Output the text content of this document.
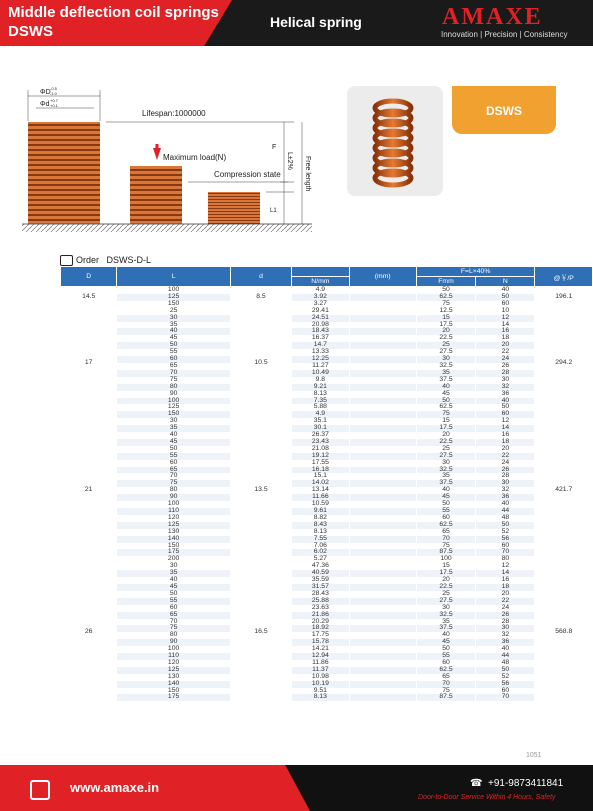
Middle deflection coil springs
DSWS
Helical spring	AMAXE
Innovation | Precision | Consistency
ΦD
-0.5
-1.0
Φd
+0.7
+0.1
Lifespan:1000000
Maximum load(N)
Compression state
F
L1
L±2% Free length
DSWS
Order DSWS-D-L
D	L	d		(mm)	F=L×40%		@￥/P	
			N/mm		Fmm	N		
14.5	100	8.5	4.9		50	40	196.1	
	125		3.92		62.5	50		
	150		3.27		75	60		
17	25	10.5	29.41		12.5	10	294.2	
	30		24.51		15	12		
	35		20.98		17.5	14		
	40		18.43		20	16		
	45		16.37		22.5	18		
	50		14.7		25	20		
	55		13.33		27.5	22		
	60		12.25		30	24		
	65		11.27		32.5	26		
	70		10.49		35	28		
	75		9.8		37.5	30		
	80		9.21		40	32		
	90		8.13		45	36		
	100		7.35		50	40		
	125		5.88		62.5	50		
	150		4.9		75	60		
21	30	13.5	35.1		15	12	421.7	
	35		30.1		17.5	14		
	40		26.37		20	16		
	45		23.43		22.5	18		
	50		21.08		25	20		
	55		19.12		27.5	22		
	60		17.55		30	24		
	65		16.18		32.5	26		
	70		15.1		35	28		
	75		14.02		37.5	30		
	80		13.14		40	32		
	90		11.66		45	36		
	100		10.59		50	40		
	110		9.61		55	44		
	120		8.82		60	48		
	125		8.43		62.5	50		
	130		8.13		65	52		
	140		7.55		70	56		
	150		7.06		75	60		
	175		6.02		87.5	70		
	200		5.27		100	80		
26	30	16.5	47.36		15	12	568.8	
	35		40.59		17.5	14		
	40		35.59		20	16		
	45		31.57		22.5	18		
	50		28.43		25	20		
	55		25.88		27.5	22		
	60		23.63		30	24		
	65		21.86		32.5	26		
	70		20.29		35	28		
	75		18.92		37.5	30		
	80		17.75		40	32		
	90		15.78		45	36		
	100		14.21		50	40		
	110		12.94		55	44		
	120		11.86		60	48		
	125		11.37		62.5	50		
	130		10.98		65	52		
	140		10.19		70	56		
	150		9.51		75	60		
	175		8.13		87.5	70		
1051
www.amaxe.in	☎  +91-9873411841
Door-to-Door Service Within 4 Hours, Safety
